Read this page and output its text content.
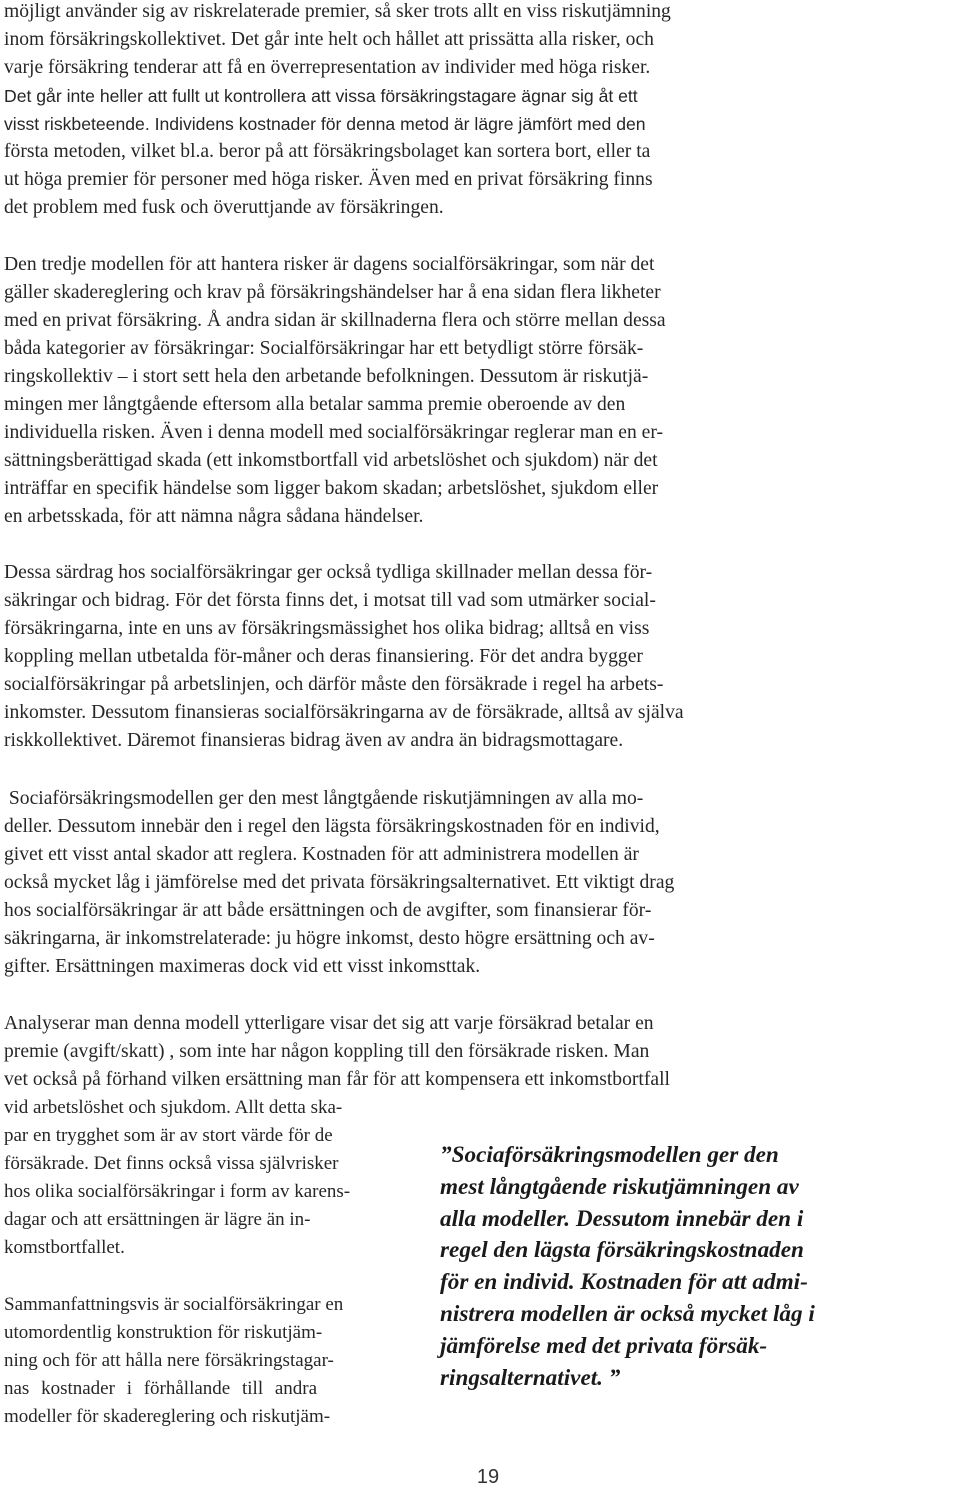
möjligt använder sig av riskrelaterade premier, så sker trots allt en viss riskutjämning

inom försäkringskollektivet. Det går inte helt och hållet att prissätta alla risker, och

varje försäkring tenderar att få en överrepresentation av individer med höga risker.

Det går inte heller att fullt ut kontrollera att vissa försäkringstagare ägnar sig åt ett

visst riskbeteende. Individens kostnader för denna metod är lägre jämfört med den

första metoden, vilket bl.a. beror på att försäkringsbolaget kan sortera bort, eller ta

ut höga premier för personer med höga risker. Även med en privat försäkring finns

det problem med fusk och överuttjande av försäkringen.

Den tredje modellen för att hantera risker är dagens socialförsäkringar, som när det

gäller skadereglering och krav på försäkringshändelser har å ena sidan flera likheter

med en privat försäkring. Å andra sidan är skillnaderna flera och större mellan dessa

båda kategorier av försäkringar: Socialförsäkringar har ett betydligt större försäk-

ringskollektiv – i stort sett hela den arbetande befolkningen. Dessutom är riskutjä-

mingen mer långtgående eftersom alla betalar samma premie oberoende av den

individuella risken. Även i denna modell med socialförsäkringar reglerar man en er-

sättningsberättigad skada (ett inkomstbortfall vid arbetslöshet och sjukdom) när det

inträffar en specifik händelse som ligger bakom skadan; arbetslöshet, sjukdom eller

en arbetsskada, för att nämna några sådana händelser.

Dessa särdrag hos socialförsäkringar ger också tydliga skillnader mellan dessa för-

säkringar och bidrag. För det första finns det, i motsat till vad som utmärker social-

försäkringarna, inte en uns av försäkringsmässighet hos olika bidrag; alltså en viss

koppling mellan utbetalda för-måner och deras finansiering. För det andra bygger

socialförsäkringar på arbetslinjen, och därför måste den försäkrade i regel ha arbets-

inkomster. Dessutom finansieras socialförsäkringarna av de försäkrade, alltså av själva

riskkollektivet. Däremot finansieras bidrag även av andra än bidragsmottagare.

Sociaförsäkringsmodellen ger den mest långtgående riskutjämningen av alla mo-

deller. Dessutom innebär den i regel den lägsta försäkringskostnaden för en individ,

givet ett visst antal skador att reglera. Kostnaden för att administrera modellen är

också mycket låg i jämförelse med det privata försäkringsalternativet. Ett viktigt drag

hos socialförsäkringar är att både ersättningen och de avgifter, som finansierar för-

säkringarna, är inkomstrelaterade: ju högre inkomst, desto högre ersättning och av-

gifter. Ersättningen maximeras dock vid ett visst inkomsttak.

Analyserar man denna modell ytterligare visar det sig att varje försäkrad betalar en

premie (avgift/skatt) , som inte har någon koppling till den försäkrade risken. Man

vet också på förhand vilken ersättning man får för att kompensera ett inkomstbortfall

vid arbetslöshet och sjukdom. Allt detta ska-

par en trygghet som är av stort värde för de

försäkrade. Det finns också vissa självrisker

hos olika socialförsäkringar i form av karens-

dagar och att ersättningen är lägre än in-

komstbortfallet.

Sammanfattningsvis är socialförsäkringar en

utomordentlig konstruktion för riskutjäm-

ning och för att hålla nere försäkringstagar-

nas kostnader i förhållande till andra

modeller för skadereglering och riskutjäm-

”Sociaförsäkringsmodellen ger den
mest långtgående riskutjämningen av
alla modeller. Dessutom innebär den i
regel den lägsta försäkringskostnaden
för en individ. Kostnaden för att admi-
nistrera modellen är också mycket låg i
jämförelse med det privata försäk-
ringsalternativet. ”
19
